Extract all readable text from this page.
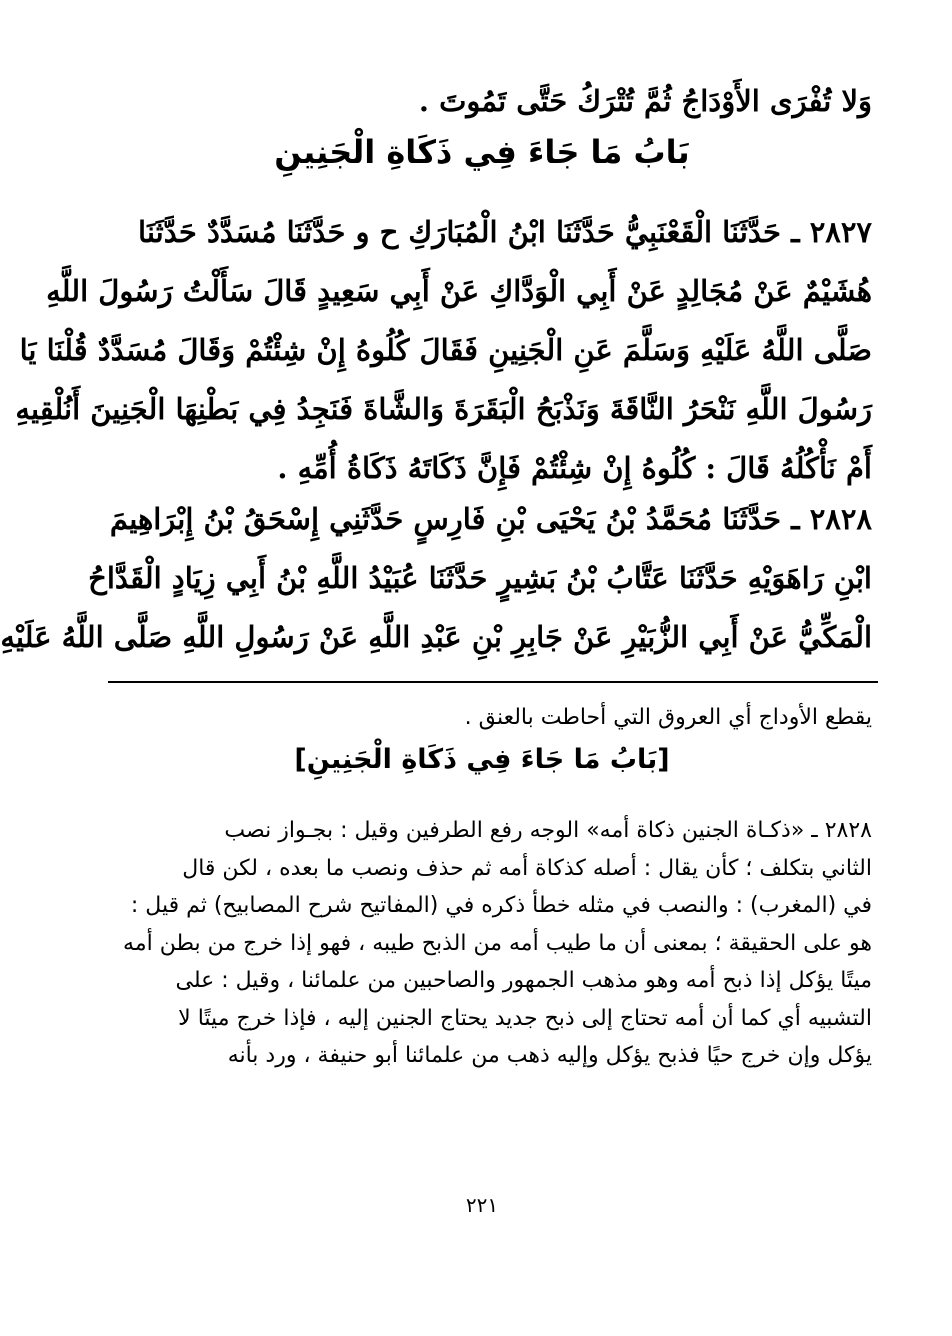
وَلا تُفْرَى الأَوْدَاجُ ثُمَّ تُتْرَكُ حَتَّى تَمُوتَ .
بَابُ مَا جَاءَ فِي ذَكَاةِ الْجَنِينِ
٢٨٢٧ ـ حَدَّثَنَا الْقَعْنَبِيُّ حَدَّثَنَا ابْنُ الْمُبَارَكِ ح و حَدَّثَنَا مُسَدَّدٌ حَدَّثَنَا
هُشَيْمٌ عَنْ مُجَالِدٍ عَنْ أَبِي الْوَدَّاكِ عَنْ أَبِي سَعِيدٍ قَالَ سَأَلْتُ رَسُولَ اللَّهِ
صَلَّى اللَّهُ عَلَيْهِ وَسَلَّمَ عَنِ الْجَنِينِ فَقَالَ كُلُوهُ إِنْ شِئْتُمْ وَقَالَ مُسَدَّدٌ قُلْنَا يَا
رَسُولَ اللَّهِ نَنْحَرُ النَّاقَةَ وَنَذْبَحُ الْبَقَرَةَ وَالشَّاةَ فَنَجِدُ فِي بَطْنِهَا الْجَنِينَ أَنُلْقِيهِ
أَمْ نَأْكُلُهُ قَالَ : كُلُوهُ إِنْ شِئْتُمْ فَإِنَّ ذَكَاتَهُ ذَكَاةُ أُمِّهِ .
٢٨٢٨ ـ حَدَّثَنَا مُحَمَّدُ بْنُ يَحْيَى بْنِ فَارِسٍ حَدَّثَنِي إِسْحَقُ بْنُ إِبْرَاهِيمَ
ابْنِ رَاهَوَيْهِ حَدَّثَنَا عَتَّابُ بْنُ بَشِيرٍ حَدَّثَنَا عُبَيْدُ اللَّهِ بْنُ أَبِي زِيَادٍ الْقَدَّاحُ
الْمَكِّيُّ عَنْ أَبِي الزُّبَيْرِ عَنْ جَابِرِ بْنِ عَبْدِ اللَّهِ عَنْ رَسُولِ اللَّهِ صَلَّى اللَّهُ عَلَيْهِ
يقطع الأوداج أي العروق التي أحاطت بالعنق .
[بَابُ مَا جَاءَ فِي ذَكَاةِ الْجَنِينِ]
٢٨٢٨ ـ «ذكـاة الجنين ذكاة أمه» الوجه رفع الطرفين وقيل : بجـواز نصب
الثاني بتكلف ؛ كأن يقال : أصله كذكاة أمه ثم حذف ونصب ما بعده ، لكن قال
في (المغرب) : والنصب في مثله خطأ ذكره في (المفاتيح شرح المصابيح) ثم قيل :
هو على الحقيقة ؛ بمعنى أن ما طيب أمه من الذبح طيبه ، فهو إذا خرج من بطن أمه
ميتًا يؤكل إذا ذبح أمه وهو مذهب الجمهور والصاحبين من علمائنا ، وقيل : على
التشبيه أي كما أن أمه تحتاج إلى ذبح جديد يحتاج الجنين إليه ، فإذا خرج ميتًا لا
يؤكل وإن خرج حيًا فذبح يؤكل وإليه ذهب من علمائنا أبو حنيفة ، ورد بأنه
٢٢١
